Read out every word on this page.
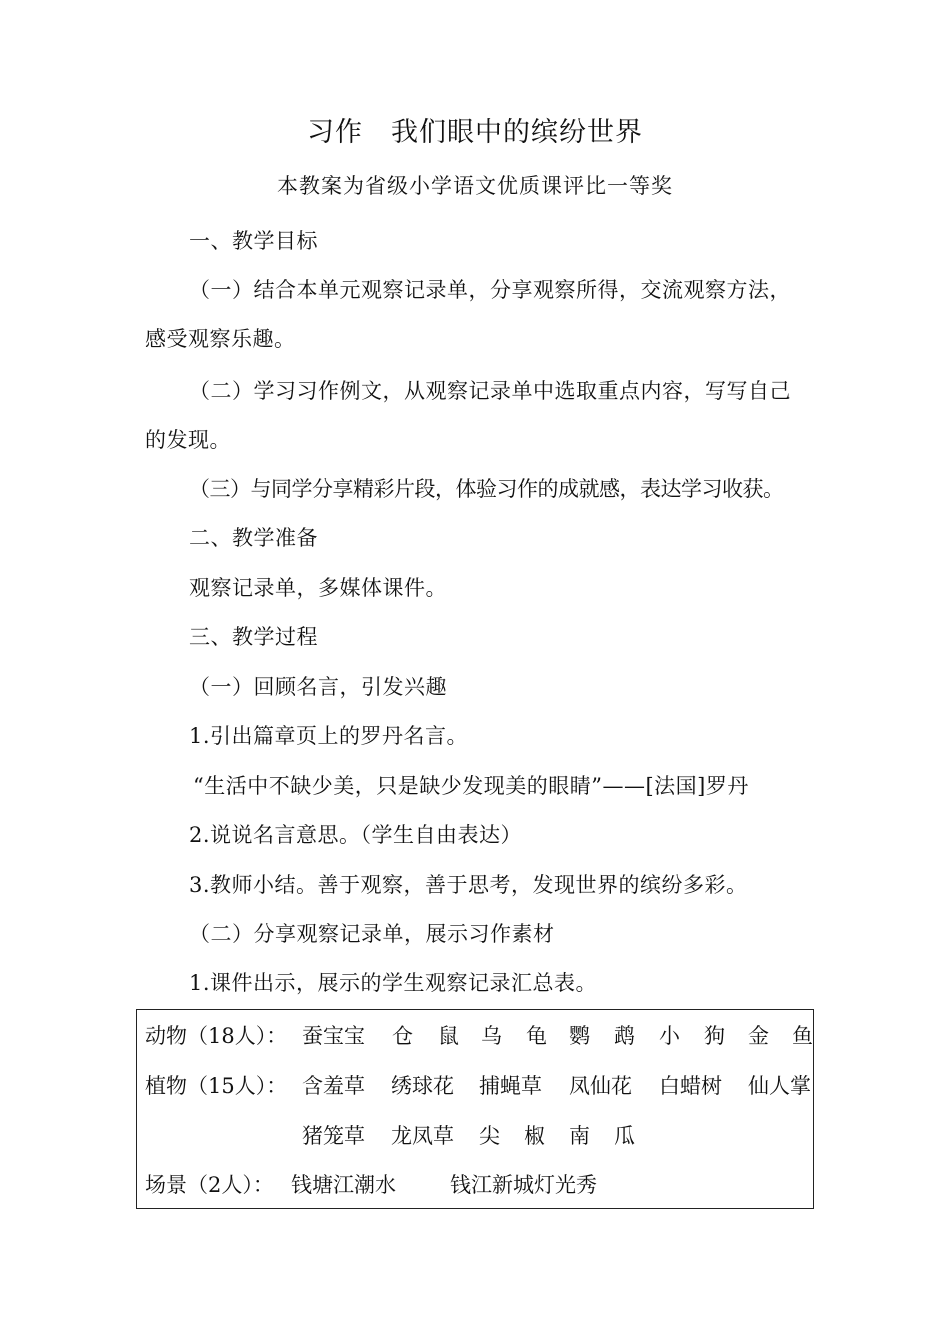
习作 我们眼中的缤纷世界
本教案为省级小学语文优质课评比一等奖
一、教学目标
（一）结合本单元观察记录单，分享观察所得，交流观察方法，
感受观察乐趣。
（二）学习习作例文，从观察记录单中选取重点内容，写写自己
的发现。
（三）与同学分享精彩片段，体验习作的成就感，表达学习收获。
二、教学准备
观察记录单，多媒体课件。
三、教学过程
（一）回顾名言，引发兴趣
1.引出篇章页上的罗丹名言。
“生活中不缺少美，只是缺少发现美的眼睛”——[法国]罗丹
2.说说名言意思。（学生自由表达）
3.教师小结。善于观察，善于思考，发现世界的缤纷多彩。
（二）分享观察记录单，展示习作素材
1.课件出示，展示的学生观察记录汇总表。
动物（18人）： 蚕宝宝 仓 鼠 乌 龟 鹦 鹉 小 狗 金 鱼
植物（15人）： 含羞草 绣球花 捕蝇草 凤仙花 白蜡树 仙人掌
猪笼草 龙凤草 尖 椒 南 瓜
场景（2人）： 钱塘江潮水	钱江新城灯光秀
